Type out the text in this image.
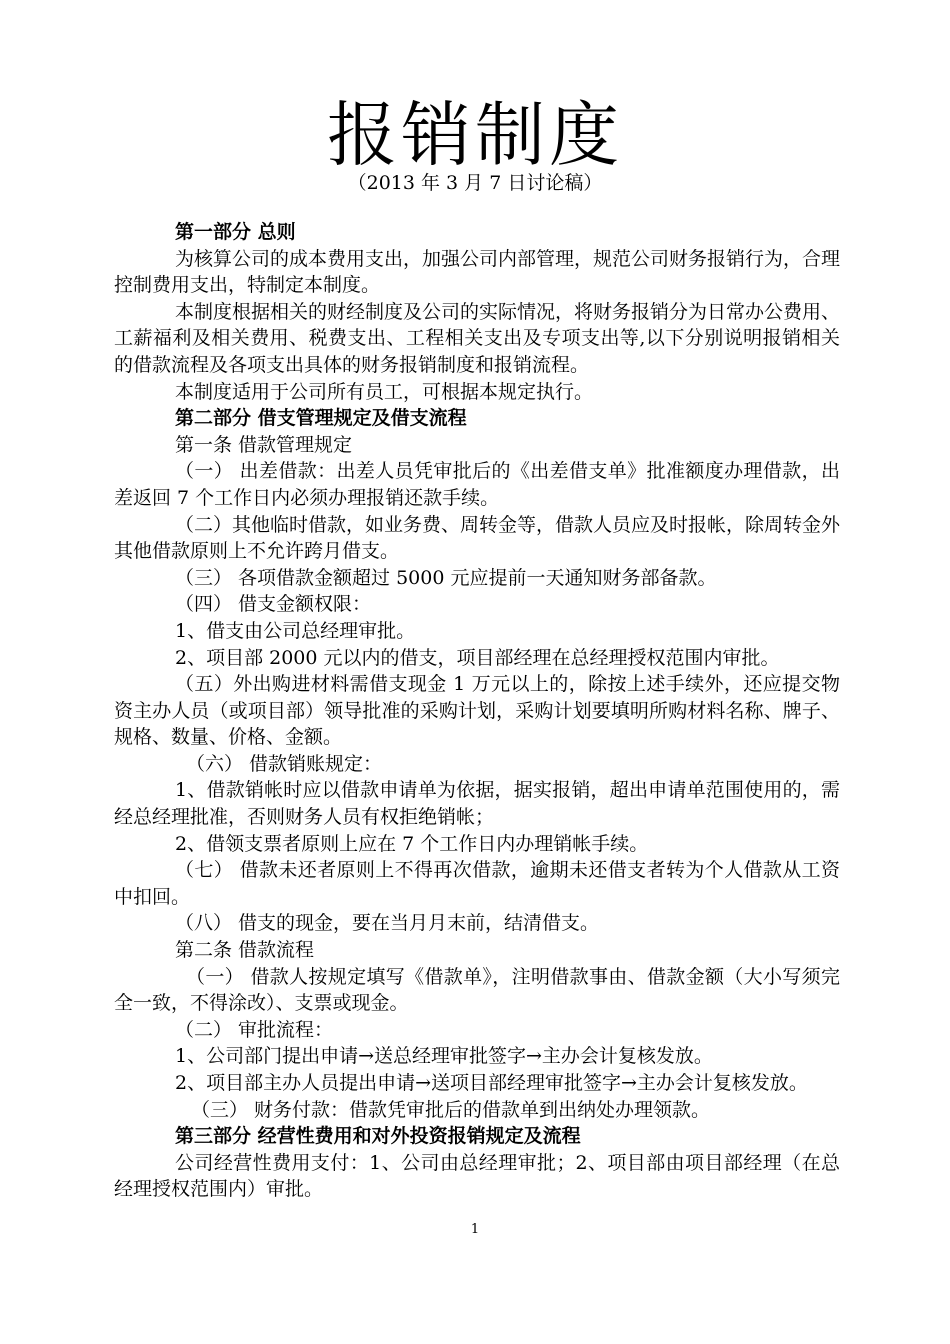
报销制度
（2013 年 3 月 7 日讨论稿）

第一部分 总则

为核算公司的成本费用支出，加强公司内部管理，规范公司财务报销行为，合理控制费用支出，特制定本制度。

本制度根据相关的财经制度及公司的实际情况，将财务报销分为日常办公费用、工薪福利及相关费用、税费支出、工程相关支出及专项支出等,以下分别说明报销相关的借款流程及各项支出具体的财务报销制度和报销流程。

本制度适用于公司所有员工，可根据本规定执行。

第二部分 借支管理规定及借支流程

第一条 借款管理规定

（一） 出差借款：出差人员凭审批后的《出差借支单》批准额度办理借款，出差返回 7 个工作日内必须办理报销还款手续。

（二）其他临时借款，如业务费、周转金等，借款人员应及时报帐，除周转金外其他借款原则上不允许跨月借支。

（三） 各项借款金额超过 5000 元应提前一天通知财务部备款。

（四） 借支金额权限：

1、借支由公司总经理审批。

2、项目部 2000 元以内的借支，项目部经理在总经理授权范围内审批。

（五）外出购进材料需借支现金 1 万元以上的，除按上述手续外，还应提交物资主办人员（或项目部）领导批准的采购计划，采购计划要填明所购材料名称、牌子、规格、数量、价格、金额。

（六） 借款销账规定：

1、借款销帐时应以借款申请单为依据，据实报销，超出申请单范围使用的，需经总经理批准，否则财务人员有权拒绝销帐；

2、借领支票者原则上应在 7 个工作日内办理销帐手续。

（七） 借款未还者原则上不得再次借款，逾期未还借支者转为个人借款从工资中扣回。

（八） 借支的现金，要在当月月末前，结清借支。

第二条 借款流程

（一） 借款人按规定填写《借款单》，注明借款事由、借款金额（大小写须完全一致，不得涂改）、支票或现金。

（二） 审批流程：

1、公司部门提出申请→送总经理审批签字→主办会计复核发放。

2、项目部主办人员提出申请→送项目部经理审批签字→主办会计复核发放。

（三） 财务付款：借款凭审批后的借款单到出纳处办理领款。

第三部分 经营性费用和对外投资报销规定及流程

公司经营性费用支付：1、公司由总经理审批；2、项目部由项目部经理（在总经理授权范围内）审批。

1
